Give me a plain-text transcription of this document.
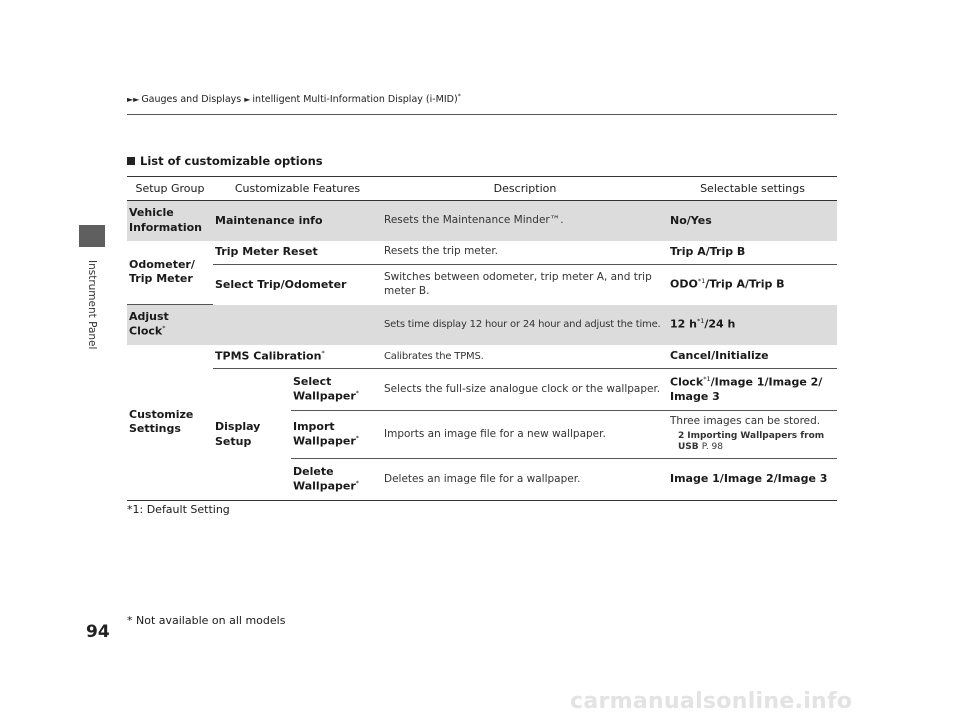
Instrument Panel
►► Gauges and Displays ► intelligent Multi-Information Display (i-MID)*
List of customizable options
Setup Group	Customizable Features		Description	Selectable settings
Vehicle Information	Maintenance info		Resets the Maintenance Minder™.	No/Yes
Odometer/ Trip Meter	Trip Meter Reset		Resets the trip meter.	Trip A/Trip B
	Select Trip/Odometer		Switches between odometer, trip meter A, and trip meter B.	ODO$^{*1}$/Trip A/Trip B
Adjust Clock*			Sets time display 12 hour or 24 hour and adjust the time.	12 $h^{*1}/24$ h
Customize Settings	TPMS Calibration*		Calibrates the TPMS.	Cancel/Initialize
	Display Setup	Select Wallpaper*	Selects the full-size analogue clock or the wallpaper.	Clock$^{*1}$/Image 1/Image 2/ Image 3
		Import Wallpaper*	Imports an image file for a new wallpaper.	Three images can be stored.
2 Importing Wallpapers from USB P. 98

		Delete Wallpaper*	Deletes an image file for a wallpaper.	Image 1/Image 2/Image 3
*1: Default Setting
94
* Not available on all models
carmanualsonline.info
